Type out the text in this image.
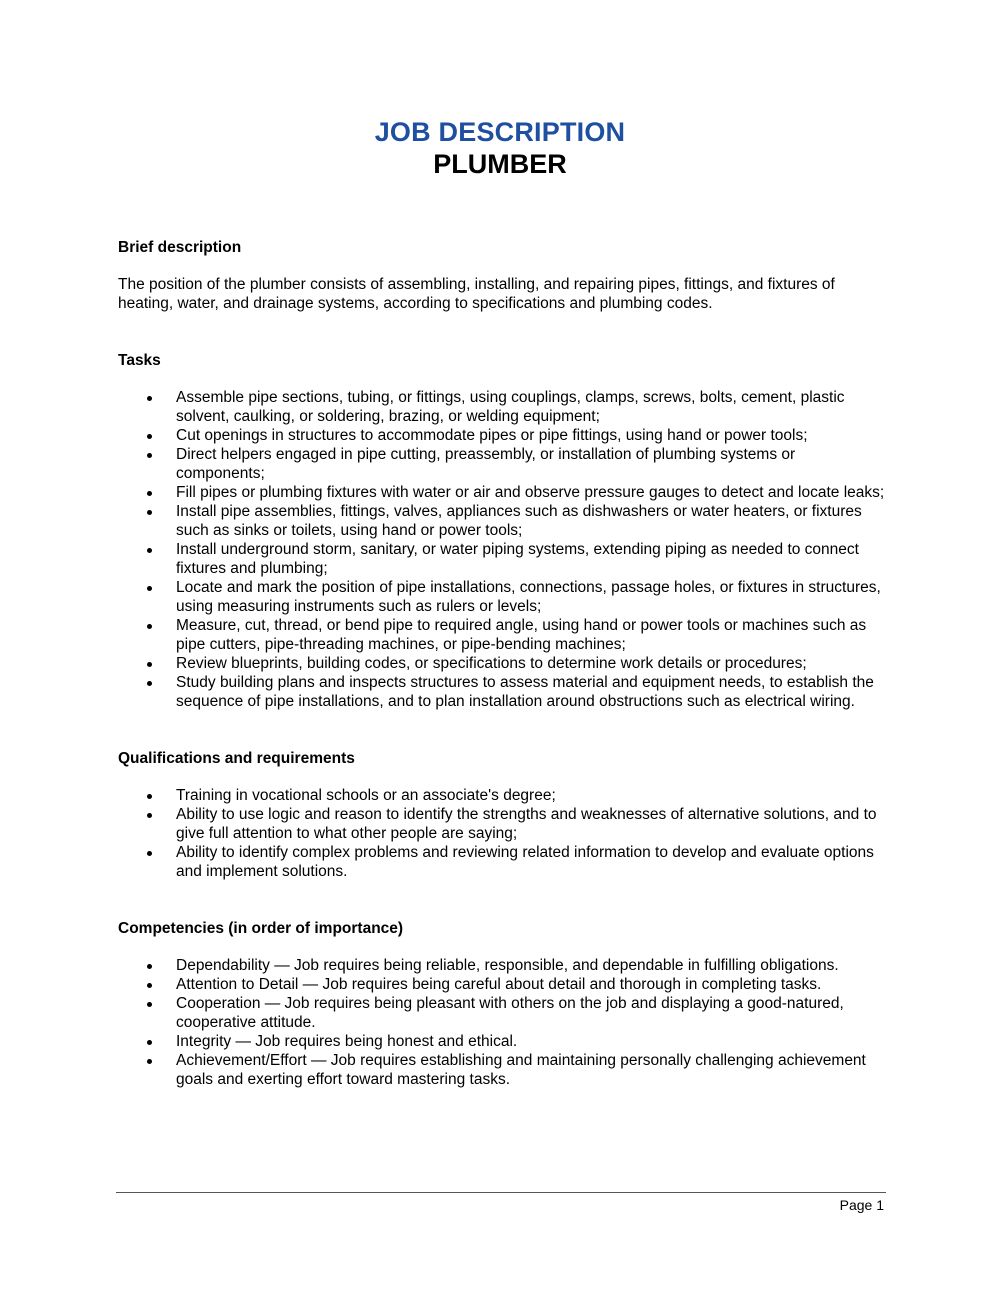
JOB DESCRIPTION
PLUMBER
Brief description

The position of the plumber consists of assembling, installing, and repairing pipes, fittings, and fixtures of heating, water, and drainage systems, according to specifications and plumbing codes.

Tasks
Assemble pipe sections, tubing, or fittings, using couplings, clamps, screws, bolts, cement, plastic solvent, caulking, or soldering, brazing, or welding equipment;
Cut openings in structures to accommodate pipes or pipe fittings, using hand or power tools;
Direct helpers engaged in pipe cutting, preassembly, or installation of plumbing systems or components;
Fill pipes or plumbing fixtures with water or air and observe pressure gauges to detect and locate leaks;
Install pipe assemblies, fittings, valves, appliances such as dishwashers or water heaters, or fixtures such as sinks or toilets, using hand or power tools;
Install underground storm, sanitary, or water piping systems, extending piping as needed to connect fixtures and plumbing;
Locate and mark the position of pipe installations, connections, passage holes, or fixtures in structures, using measuring instruments such as rulers or levels;
Measure, cut, thread, or bend pipe to required angle, using hand or power tools or machines such as pipe cutters, pipe-threading machines, or pipe-bending machines;
Review blueprints, building codes, or specifications to determine work details or procedures;
Study building plans and inspects structures to assess material and equipment needs, to establish the sequence of pipe installations, and to plan installation around obstructions such as electrical wiring.
Qualifications and requirements
Training in vocational schools or an associate's degree;
Ability to use logic and reason to identify the strengths and weaknesses of alternative solutions, and to give full attention to what other people are saying;
Ability to identify complex problems and reviewing related information to develop and evaluate options and implement solutions.
Competencies (in order of importance)
Dependability — Job requires being reliable, responsible, and dependable in fulfilling obligations.
Attention to Detail — Job requires being careful about detail and thorough in completing tasks.
Cooperation — Job requires being pleasant with others on the job and displaying a good-natured, cooperative attitude.
Integrity — Job requires being honest and ethical.
Achievement/Effort — Job requires establishing and maintaining personally challenging achievement goals and exerting effort toward mastering tasks.
Page 1
